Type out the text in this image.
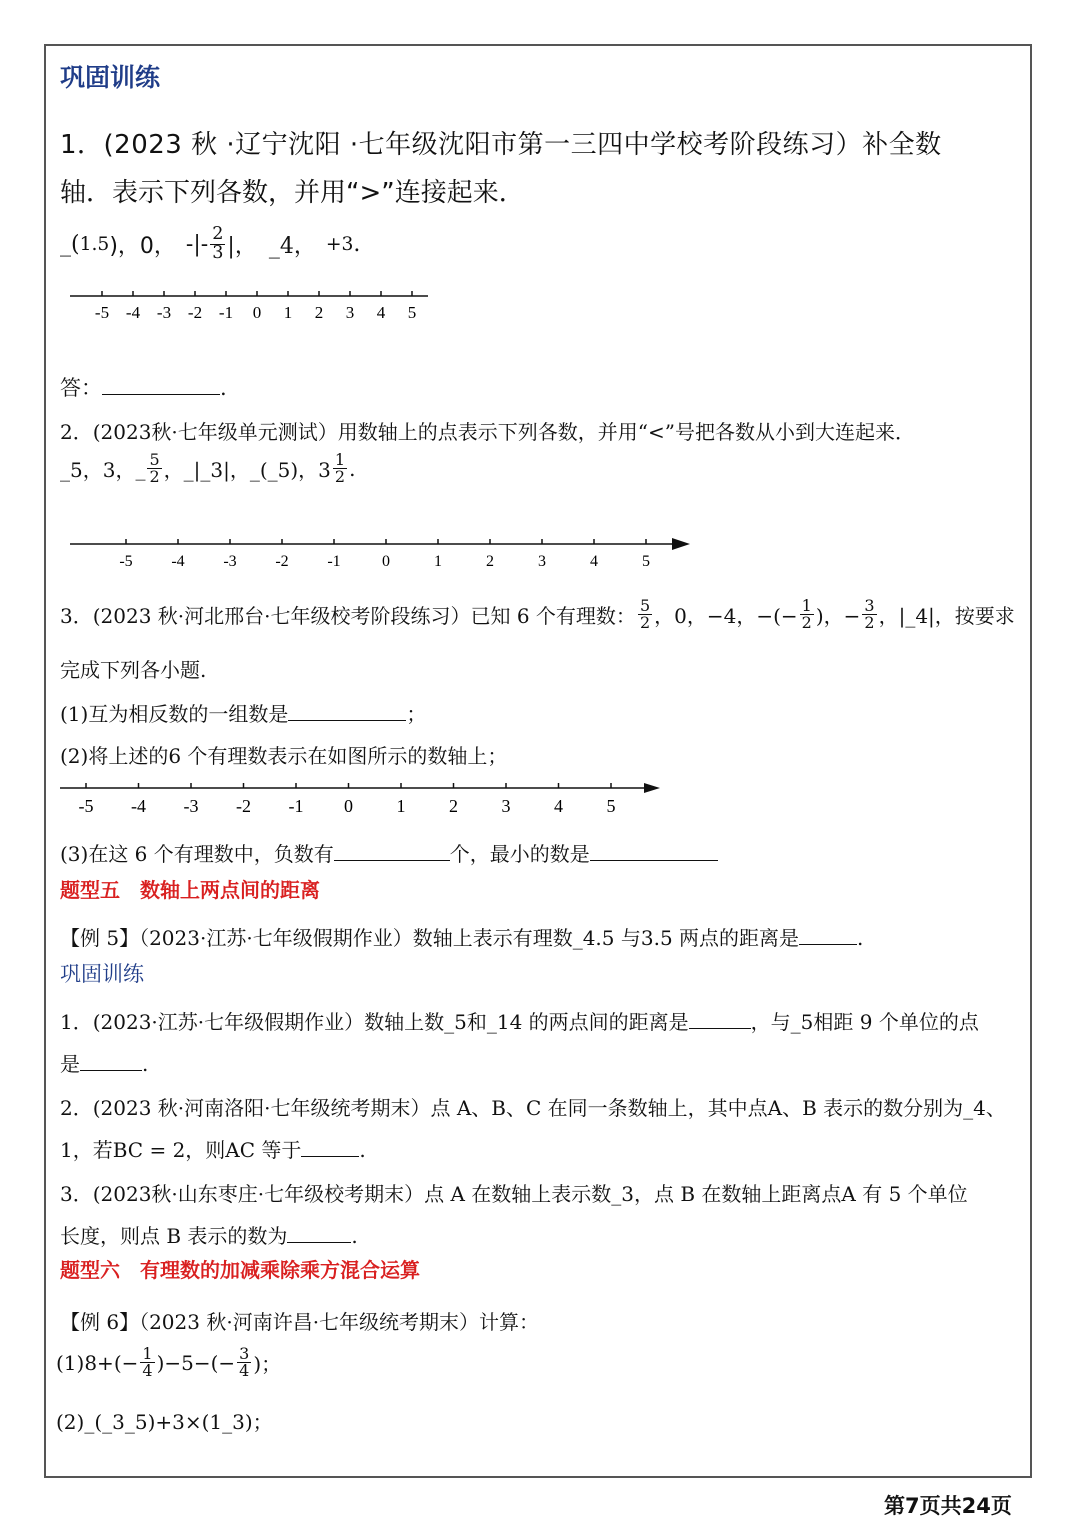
巩固训练
1．(2023 秋 ·辽宁沈阳 ·七年级沈阳市第一三四中学校考阶段练习）补全数
轴．表示下列各数，并用“>”连接起来．
_( 1.5 )，0， -|- $\frac{2}{3}$ |， _4， +3 .
-5 -4 -3 -2 -1 0 1 2 3 4 5
答：	.
2．(2023秋·七年级单元测试）用数轴上的点表示下列各数，并用“<”号把各数从小到大连起来．
_5，3， _ $\frac{5}{2}$ ，_|_3|，_(_5)，$3 \frac{1}{2}$ .
-5 -4 -3 -2 -1	0	1	2	3	4	5
3．(2023 秋·河北邢台·七年级校考阶段练习）已知 6 个有理数： $\frac{5}{2}$ ，0，−4，−(− $\frac{1}{2}$ )，− $\frac{3}{2}$ ，|_4|，按要求
完成下列各小题.
(1)互为相反数的一组数是	；
(2)将上述的6 个有理数表示在如图所示的数轴上；
-5 -4 -3 -2 -1 0 1 2 3 4 5
(3)在这 6 个有理数中，负数有	个，最小的数是
题型五　数轴上两点间的距离
【例 5】（2023·江苏·七年级假期作业）数轴上表示有理数_4.5 与3.5 两点的距离是	.
巩固训练
1．(2023·江苏·七年级假期作业）数轴上数_5和_14 的两点间的距离是	，与_5相距 9 个单位的点
是	.
2．(2023 秋·河南洛阳·七年级统考期末）点 A、B、C 在同一条数轴上，其中点A、B 表示的数分别为_4、
1，若BC = 2，则AC 等于	.
3．(2023秋·山东枣庄·七年级校考期末）点 A 在数轴上表示数_3，点 B 在数轴上距离点A 有 5 个单位
长度，则点 B 表示的数为	.
题型六　有理数的加减乘除乘方混合运算
【例 6】（2023 秋·河南许昌·七年级统考期末）计算：
$(1)8+(- \frac{1}{4} )-5-(- \frac{3}{4}$ )；
(2)_(_3_5)+3×(1_3)；
第7页共24页
